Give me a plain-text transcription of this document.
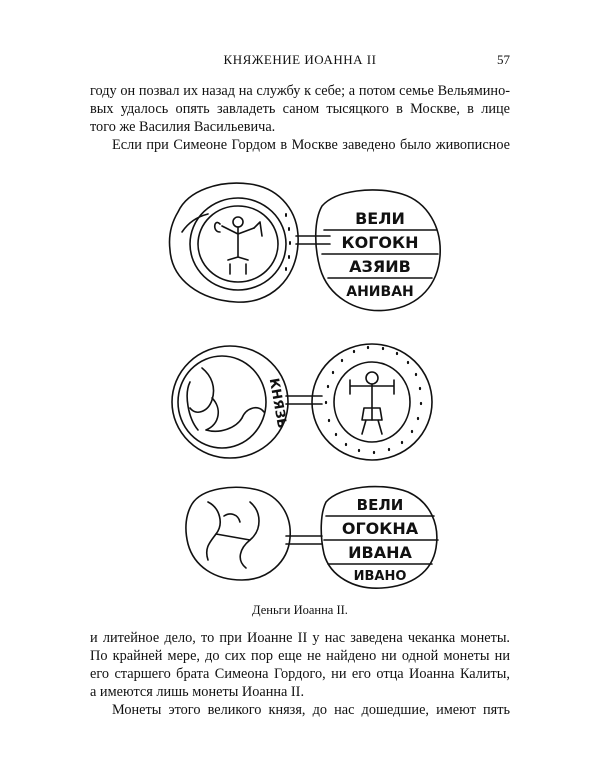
КНЯЖЕНИЕ ИОАННА II	57
году он позвал их назад на службу к себе; а потом семье Вельямино-
вых удалось опять завладеть саном тысяцкого в Москве, в лице
того же Василия Васильевича.
Если при Симеоне Гордом в Москве заведено было живописное
ВЕЛИ
КОГОКН
АЗЯИВ
АНИВАН
КНЯЗЬ
ВЕЛИ
ОГОКНА
ИВАНА
ИВАНО
Деньги Иоанна II.
и литейное дело, то при Иоанне II у нас заведена чеканка монеты.
По крайней мере, до сих пор еще не найдено ни одной монеты ни
его старшего брата Симеона Гордого, ни его отца Иоанна Калиты,
а имеются лишь монеты Иоанна II.
Монеты этого великого князя, до нас дошедшие, имеют пять
